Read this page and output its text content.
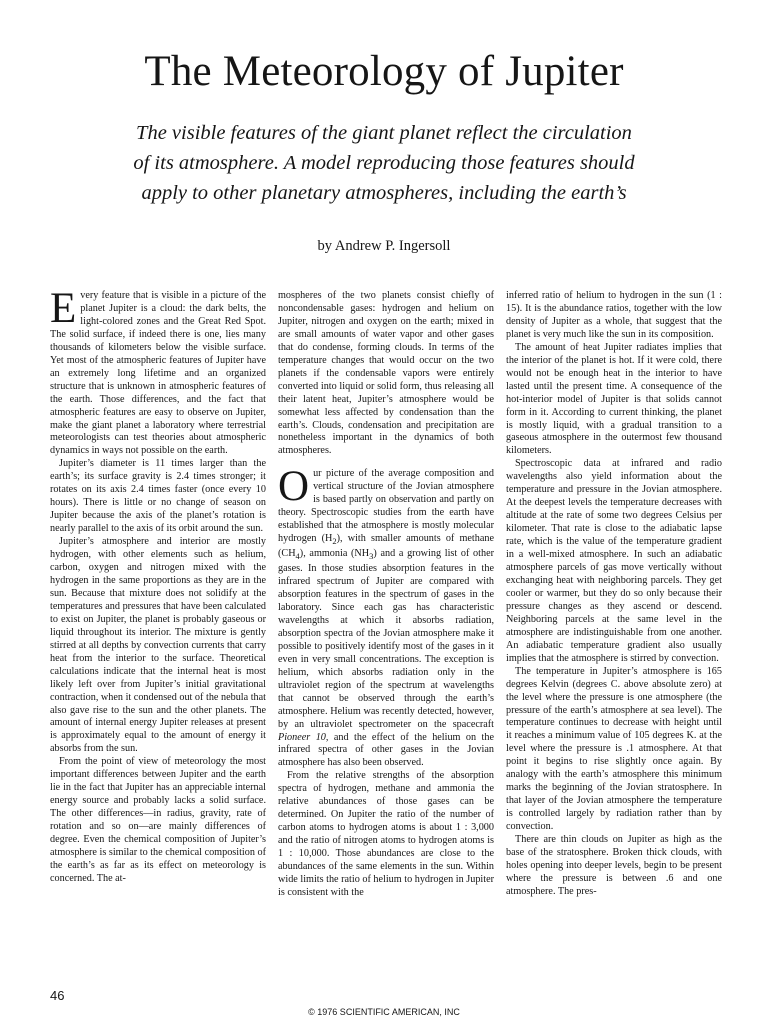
The Meteorology of Jupiter
The visible features of the giant planet reflect the circulation
of its atmosphere. A model reproducing those features should
apply to other planetary atmospheres, including the earth’s
by Andrew P. Ingersoll

Every feature that is visible in a picture of the planet Jupiter is a cloud: the dark belts, the light-colored zones and the Great Red Spot. The solid surface, if indeed there is one, lies many thousands of kilometers below the visible surface. Yet most of the atmospheric features of Jupiter have an extremely long lifetime and an organized structure that is unknown in atmospheric features of the earth. Those differences, and the fact that atmospheric features are easy to observe on Jupiter, make the giant planet a laboratory where terrestrial meteorologists can test theories about atmospheric dynamics in ways not possible on the earth.

Jupiter’s diameter is 11 times larger than the earth’s; its surface gravity is 2.4 times stronger; it rotates on its axis 2.4 times faster (once every 10 hours). There is little or no change of season on Jupiter because the axis of the planet’s rotation is nearly parallel to the axis of its orbit around the sun.

Jupiter’s atmosphere and interior are mostly hydrogen, with other elements such as helium, carbon, oxygen and nitrogen mixed with the hydrogen in the same proportions as they are in the sun. Because that mixture does not solidify at the temperatures and pressures that have been calculated to exist on Jupiter, the planet is probably gaseous or liquid throughout its interior. The mixture is gently stirred at all depths by convection currents that carry heat from the interior to the surface. Theoretical calculations indicate that the internal heat is most likely left over from Jupiter’s initial gravitational contraction, when it condensed out of the nebula that also gave rise to the sun and the other planets. The amount of internal energy Jupiter releases at present is approximately equal to the amount of energy it absorbs from the sun.

From the point of view of meteorology the most important differences between Jupiter and the earth lie in the fact that Jupiter has an appreciable internal energy source and probably lacks a solid surface. The other differences—in radius, gravity, rate of rotation and so on—are mainly differences of degree. Even the chemical composition of Jupiter’s atmosphere is similar to the chemical composition of the earth’s as far as its effect on meteorology is concerned. The at-

mospheres of the two planets consist chiefly of noncondensable gases: hydrogen and helium on Jupiter, nitrogen and oxygen on the earth; mixed in are small amounts of water vapor and other gases that do condense, forming clouds. In terms of the temperature changes that would occur on the two planets if the condensable vapors were entirely converted into liquid or solid form, thus releasing all their latent heat, Jupiter’s atmosphere would be somewhat less affected by condensation than the earth’s. Clouds, condensation and precipitation are nonetheless important in the dynamics of both atmospheres.

Our picture of the average composition and vertical structure of the Jovian atmosphere is based partly on observation and partly on theory. Spectroscopic studies from the earth have established that the atmosphere is mostly molecular hydrogen $(H_2)$, with smaller amounts of methane $(CH_4)$, ammonia $(NH_3)$ and a growing list of other gases. In those studies absorption features in the infrared spectrum of Jupiter are compared with absorption features in the spectrum of gases in the laboratory. Since each gas has characteristic wavelengths at which it absorbs radiation, absorption spectra of the Jovian atmosphere make it possible to positively identify most of the gases in it even in very small concentrations. The exception is helium, which absorbs radiation only in the ultraviolet region of the spectrum at wavelengths that cannot be observed through the earth’s atmosphere. Helium was recently detected, however, by an ultraviolet spectrometer on the spacecraft Pioneer 10, and the effect of the helium on the infrared spectra of other gases in the Jovian atmosphere has also been observed.

From the relative strengths of the absorption spectra of hydrogen, methane and ammonia the relative abundances of those gases can be determined. On Jupiter the ratio of the number of carbon atoms to hydrogen atoms is about 1 : 3,000 and the ratio of nitrogen atoms to hydrogen atoms is 1 : 10,000. Those abundances are close to the abundances of the same elements in the sun. Within wide limits the ratio of helium to hydrogen in Jupiter is consistent with the

inferred ratio of helium to hydrogen in the sun (1 : 15). It is the abundance ratios, together with the low density of Jupiter as a whole, that suggest that the planet is very much like the sun in its composition.

The amount of heat Jupiter radiates implies that the interior of the planet is hot. If it were cold, there would not be enough heat in the interior to have lasted until the present time. A consequence of the hot-interior model of Jupiter is that solids cannot form in it. According to current thinking, the planet is mostly liquid, with a gradual transition to a gaseous atmosphere in the outermost few thousand kilometers.

Spectroscopic data at infrared and radio wavelengths also yield information about the temperature and pressure in the Jovian atmosphere. At the deepest levels the temperature decreases with altitude at the rate of some two degrees Celsius per kilometer. That rate is close to the adiabatic lapse rate, which is the value of the temperature gradient in a well-mixed atmosphere. In such an adiabatic atmosphere parcels of gas move vertically without exchanging heat with neighboring parcels. They get cooler or warmer, but they do so only because their pressure changes as they ascend or descend. Neighboring parcels at the same level in the atmosphere are indistinguishable from one another. An adiabatic temperature gradient also usually implies that the atmosphere is stirred by convection.

The temperature in Jupiter’s atmosphere is 165 degrees Kelvin (degrees C. above absolute zero) at the level where the pressure is one atmosphere (the pressure of the earth’s atmosphere at sea level). The temperature continues to decrease with height until it reaches a minimum value of 105 degrees K. at the level where the pressure is .1 atmosphere. At that point it begins to rise slightly once again. By analogy with the earth’s atmosphere this minimum marks the beginning of the Jovian stratosphere. In that layer of the Jovian atmosphere the temperature is controlled largely by radiation rather than by convection.

There are thin clouds on Jupiter as high as the base of the stratosphere. Broken thick clouds, with holes opening into deeper levels, begin to be present where the pressure is between .6 and one atmosphere. The pres-

46
© 1976 SCIENTIFIC AMERICAN, INC
